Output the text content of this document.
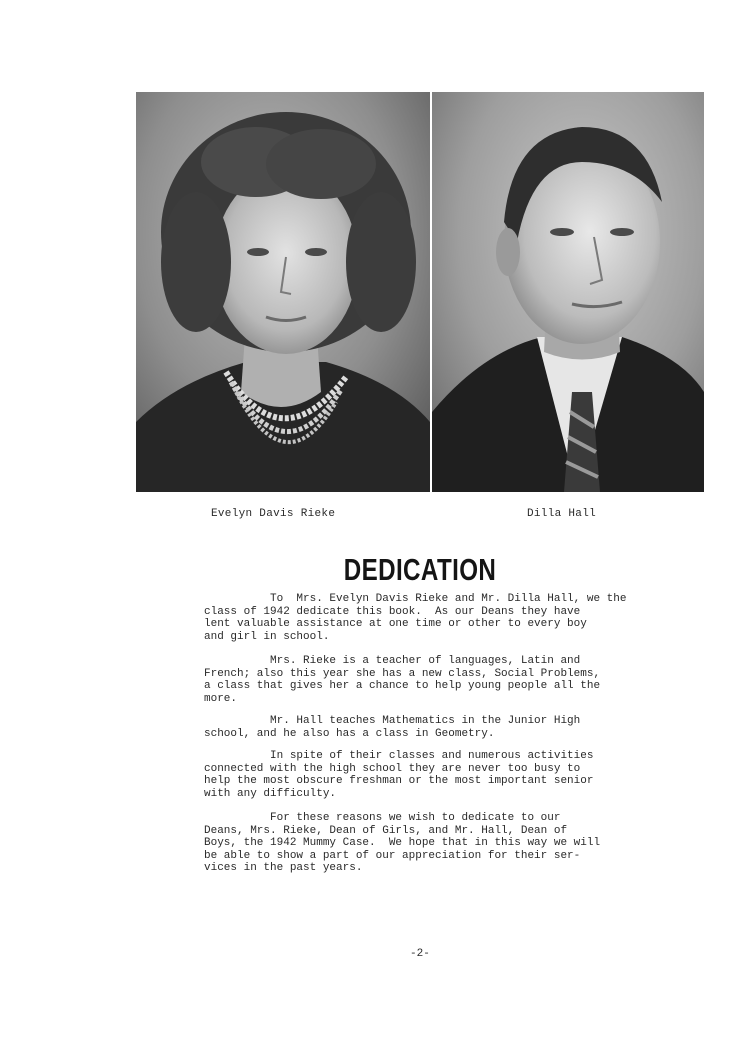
Evelyn Davis Rieke	Dilla Hall
DEDICATION

To  Mrs. Evelyn Davis Rieke and Mr. Dilla Hall, we the
class of 1942 dedicate this book.  As our Deans they have
lent valuable assistance at one time or other to every boy
and girl in school.

Mrs. Rieke is a teacher of languages, Latin and
French; also this year she has a new class, Social Problems,
a class that gives her a chance to help young people all the
more.

Mr. Hall teaches Mathematics in the Junior High
school, and he also has a class in Geometry.

In spite of their classes and numerous activities
connected with the high school they are never too busy to
help the most obscure freshman or the most important senior
with any difficulty.

For these reasons we wish to dedicate to our
Deans, Mrs. Rieke, Dean of Girls, and Mr. Hall, Dean of
Boys, the 1942 Mummy Case.  We hope that in this way we will
be able to show a part of our appreciation for their ser-
vices in the past years.

-2-
